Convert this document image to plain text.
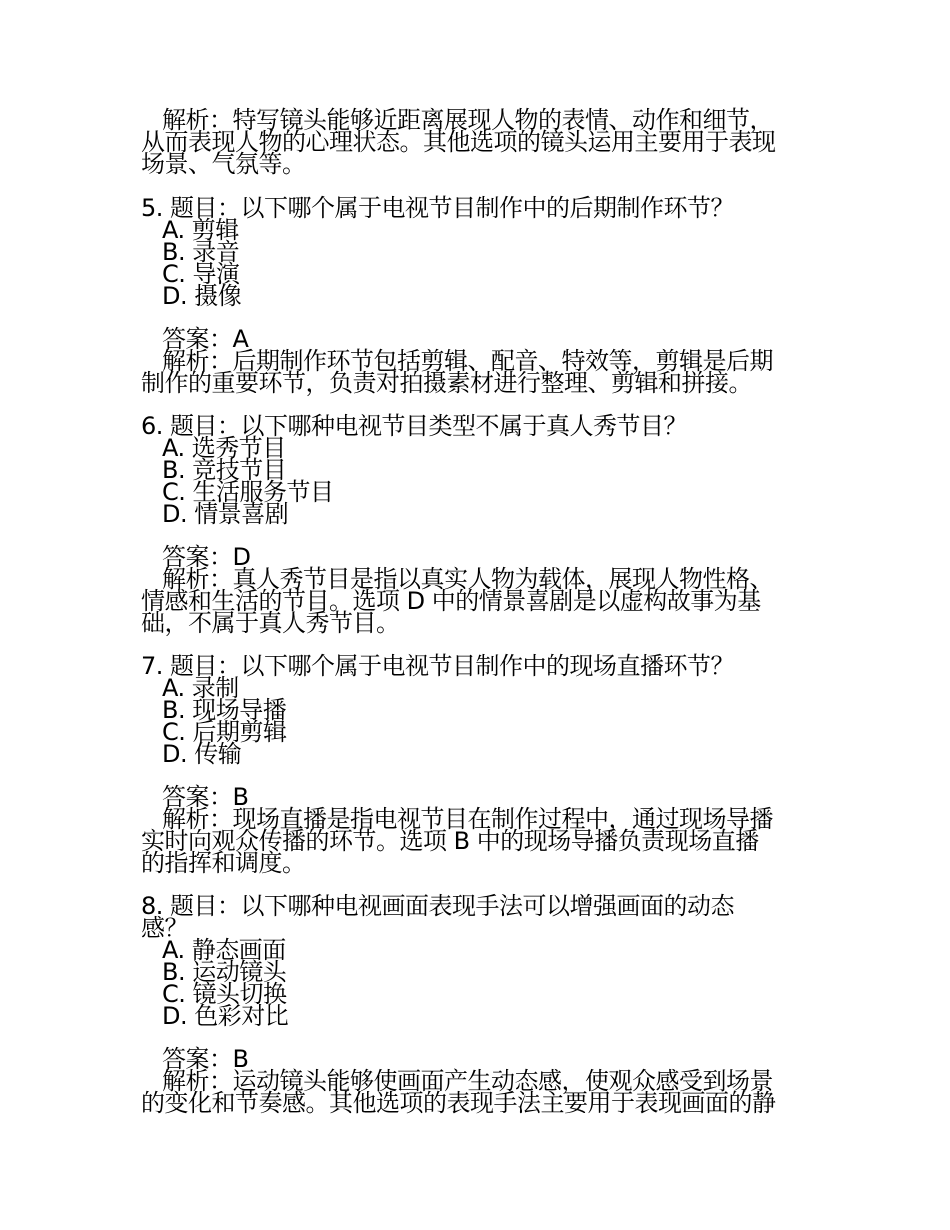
解析：特写镜头能够近距离展现人物的表情、动作和细节，
从而表现人物的心理状态。其他选项的镜头运用主要用于表现
场景、气氛等。
5. 题目：以下哪个属于电视节目制作中的后期制作环节？
A. 剪辑
B. 录音
C. 导演
D. 摄像
答案：A
解析：后期制作环节包括剪辑、配音、特效等，剪辑是后期
制作的重要环节，负责对拍摄素材进行整理、剪辑和拼接。
6. 题目：以下哪种电视节目类型不属于真人秀节目？
A. 选秀节目
B. 竞技节目
C. 生活服务节目
D. 情景喜剧
答案：D
解析：真人秀节目是指以真实人物为载体，展现人物性格、
情感和生活的节目。选项 D 中的情景喜剧是以虚构故事为基
础，不属于真人秀节目。
7. 题目：以下哪个属于电视节目制作中的现场直播环节？
A. 录制
B. 现场导播
C. 后期剪辑
D. 传输
答案：B
解析：现场直播是指电视节目在制作过程中，通过现场导播
实时向观众传播的环节。选项 B 中的现场导播负责现场直播
的指挥和调度。
8. 题目：以下哪种电视画面表现手法可以增强画面的动态
感？
A. 静态画面
B. 运动镜头
C. 镜头切换
D. 色彩对比
答案：B
解析：运动镜头能够使画面产生动态感，使观众感受到场景
的变化和节奏感。其他选项的表现手法主要用于表现画面的静
